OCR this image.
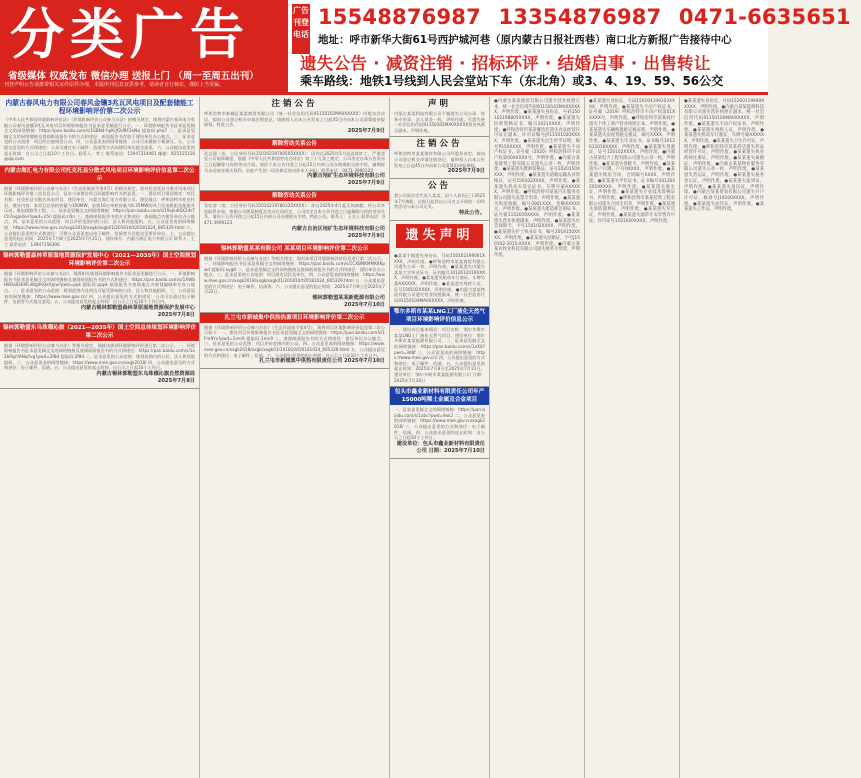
分类广告
省级媒体 权威发布 微信办理 送报上门 （周一至周五出刊）
刊登声明公告请携带相关证件原件办理，本版所刊信息仅供参考，请读者自行核实，谨防上当受骗。
广告刊登电话
15548876987 13354876987 0471-6635651
地址：呼市新华大街61号西护城河巷（原内蒙古日报社西巷）南口北方新报广告接待中心
遗失公告 · 减资注销 · 招标环评 · 结婚启事 · 出售转让
乘车路线：地铁1号线到人民会堂站下车（东北角）或3、4、19、59、56公交
内蒙古春风电力有限公司春风金镶3兆瓦风电项目及配套储能工程环境影响评价第二次公示
《中华人民共和国环境影响评价法》《环境影响评价公众参与办法》的相关规定，现将内蒙古春风电力有限公司春风金镶3兆瓦风电项目环境影响报告书征求意见稿进行公示。一、环境影响报告书征求意见稿全文的网络链接：https://pan.baidu.com/s/1SBN4-hpKrJf2d9F2xNsj 提取码:pha7 二、征求意见稿全文的网络链接及查阅纸质报告书的方式和途径：纸质报告书存放于建设单位办公地点。三、征求意见的公众范围：项目所在地周边公众。四、公众意见表的网络链接：公众可从链接下载填写。五、公众提交意见的方式和途径：公众可通过电子邮件、信函等方式向建设单位提交意见。六、公众提出意见的起止时间：自公示之日起10个工作日。联系人：李工 联系电话：15947314461 邮箱：825155156@qq.com
内蒙古海汇电力有限公司托克托县分散式风电项目环境影响评价信息第二次公示
根据《环境影响评价公众参与办法》（生态环境部令第4号）的相关规定，现对托克托县分散式风电项目环境影响评价第二次信息公示，征求与该建设项目环境影响有关的意见。一、建设项目情况简述：项目名称：托克托县分散式风电项目。建设单位：内蒙古海汇电力有限公司。建设地点：呼和浩特市托克托县。建设内容：本项目总装机容量为100MW，安装16台单机容量为6.25MW的风力发电机组及配套升压站、集电线路等工程。二、征求意见稿全文的网络链接：https://pan.baidu.com/s/19vjkdi6X24sTCh7eqJo4en?pwd=n5n 提取码:n5n 三、查阅纸质报告书的方式和途径：查阅地点为建设单位办公地点。四、征求意见的公众范围：项目评价范围内的公民、法人和其他组织。五、公众意见表的网络链接：https://www.mee.gov.cn/xxgk2018/xxgk/xxgk01/201810/t20181024_665329.html 六、公众提出意见的方式和途径：可将公众意见表以电子邮件、信函等方式提交至建设单位。七、公众提出意见的起止时间：2025年7月8日至2025年7月21日。建设单位：内蒙古海汇电力有限公司 联系人：王工 联系电话：13947156306
锡林郭勒盟森林草原湿地资源保护发展中心（2021—2035年）国土空间规划环境影响评价第二次公示
根据《环境影响评价公众参与办法》，现将相关规划环境影响报告书征求意见稿进行公示。一、环境影响报告书征求意见稿全文的网络链接及查阅纸质报告书的方式和途径：https://pan.baidu.com/s/1XWbH8Oa0kE9FuWg0hQkAJyw?pwd=ppk 提取码:pppk 纸质报告书查阅地点为规划编制单位办公地点。二、征求意见的公众范围：规划范围内及周边可能受影响的公民、法人和其他组织。三、公众意见表的网络链接：https://www.mee.gov.cn/ 四、公众提出意见的方式和途径：公众可以通过电子邮件、信函等方式提交意见。五、公众提出意见的起止时间：自公示之日起10个工作日内。
内蒙古锡林郭勒盟森林草原湿地资源保护发展中心
2025年7月8日
锡林郭勒盟东乌珠穆沁旗（2021—2035年）国土空间总体规划环境影响评价第二次公示
根据《环境影响评价公众参与办法》等相关规定，现就该规划环境影响评价进行第二次公示。一、环境影响报告书征求意见稿全文的网络链接及查阅纸质报告书的方式和途径：https://pan.baidu.com/s/1a2bPqzYANqYvg?pwd=2f8d 提取码:2f8d 二、征求意见的公众范围：规划范围内的公民、法人和其他组织。三、公众意见表的网络链接：https://www.mee.gov.cn/xxgk2018/ 四、公众提出意见的方式和途径：电子邮件、信函。五、公众提出意见的起止时间：自公示之日起10个工作日。
内蒙古锡林郭勒盟东乌珠穆沁旗自然资源局
2025年7月8日
注销公告
呼和浩特市新城区某某商贸有限公司（统一社会信用代码91150102MA0XXXXX）经股东会决议，拟向公司登记机关申请注销登记，请债权人自本公告发布之日起45日内向本公司清算组申报债权。特此公告。
2025年7月9日
解除劳动关系公告
武志强（男，公民身份号码15010219790505XXXX）：因你自2025年5月起连续旷工，严重违反公司规章制度，依据《中华人民共和国劳动合同法》第三十九条之规定，公司决定自本公告发布之日起解除与你的劳动合同。请你于本公告刊登之日起15日内到公司办理离职交接手续，逾期视为自动放弃相关权利，由此产生的一切法律后果由你本人承担。联系电话：0471-3990123
内蒙古地矿生态环境科技有限公司
2025年7月9日
解除劳动关系公告
张宏涛（男，公民身份号码15010219780325XXXX）：你自2025年4月起无故缺勤，经公司多次联系未果，依据公司规章制度及劳动合同约定，公司决定自本公告刊登之日起解除与你的劳动关系。请你于公告刊登之日起15日内到公司办理相关手续。特此公告。联系人：王女士 联系电话：0471-3990123
内蒙古自治区地矿生态环境科技有限公司
2025年7月9日
锡林郭勒盟某某有限公司 某某项目环境影响评价第二次公示
根据《环境影响评价公众参与办法》等相关规定，现对本项目环境影响评价信息进行第二次公示。一、环境影响报告书征求意见稿全文的网络链接：https://pan.baidu.com/s/1CXBNKMMKKKpwd 提取码:ayg8 二、征求意见稿全文的网络链接及查阅纸质报告书的方式和途径：建设单位办公地点。三、征求意见的公众范围：项目周边居民及单位。四、公众意见表的网络链接：https://www.mee.gov.cn/xxgk2018/xxgk/xxgk01/201810/t20181024_665329.html 五、公众提出意见的方式和途径：电子邮件、信函等。六、公众提出意见的起止时间：2025年7月9日至2025年7月22日。
锡林郭勒盟某某新能源有限公司
2025年7月10日
扎兰屯市新城集中供热热源项目环境影响评价第二次公示
根据《环境影响评价公众参与办法》（生态环境部令第4号），现将项目环境影响评价信息第二次公示如下：一、建设项目环境影响报告书征求意见稿全文的网络链接：https://pan.baidu.com/s/1Fm9Yx?pwd=1mn9 提取码:1mn9 二、查阅纸质报告书的方式和途径：建设单位办公地点。三、征求意见的公众范围：项目评价范围内的公众。四、公众意见表的网络链接：https://www.mee.gov.cn/xxgk2018/xxgk/xxgk01/201810/t20181024_665329.html 五、公众提出意见的方式和途径：电子邮件、信函。六、公众提出意见的起止时间：自公示之日起10个工作日内。
扎兰屯市新城集中供热有限责任公司 2025年7月10日
声明
内蒙古某某科技有限公司不慎遗失公司公章、财务专用章、法人章各一枚，声明作废。另遗失统一社会信用代码91150102MA0XXXXX营业执照正副本，声明作废。
注销公告
呼和浩特市某某建材有限公司经股东决定，拟向公司登记机关申请注销登记，请债权人自本公告发布之日起45日内向本公司清算组申报债权。
2025年7月9日
公告
我公司原法定代表人某某，因个人原因已于2025年7月离职，自即日起其以公司名义开展的一切经营活动与本公司无关。
特此公告。
遗失声明
●某某不慎遗失身份证，号码150102199001XXXX，声明作废。●呼和浩特市某某商贸有限公司遗失公章一枚，声明作废。●某某遗失内蒙古某某大学毕业证书，证书编号1012612019XXXX，声明作废。●某某遗失机动车行驶证，车牌号蒙AXXXXX，声明作废。●某某遗失残疾人证，证号150102XXXX，声明作废。●内蒙古某某物流有限公司遗失营业执照副本，统一社会信用代码91150100MA0XXXXX，声明作废。
鄂尔多斯市某某LNG工厂液化天然气项目环境影响评价信息公示
一、建设项目基本情况：项目名称：鄂尔多斯市某某LNG工厂液化天然气项目；建设单位：鄂尔多斯市某某能源有限公司。二、征求意见稿全文的网络链接：https://pan.baidu.com/s/1xXX?pwd=3d8f 三、公众意见表的网络链接：https://www.mee.gov.cn/ 四、公众提出意见的方式和途径：电子邮件、信函。五、公众提出意见的起止时间：2025年7月8日至2025年7月21日。建设单位：鄂尔多斯市某某能源有限公司 日期：2025年7月10日
包头市鑫业新材料有限责任公司年产15000吨稀土金属及合金项目
一、征求意见稿全文的网络链接：https://pan.baidu.com/s/1abc?pwd=9xk2 二、公众意见表的网络链接：https://www.mee.gov.cn/xxgk2018/ 三、公众提出意见的方式和途径：电子邮件、信函。四、公众提出意见的起止时间：自公示之日起10个工作日。
建设单位：包头市鑫业新材料有限责任公司 日期：2025年7月10日
●内蒙古某某商贸有限公司遗失营业执照正本，统一社会信用代码91150102MA0XXXXX，声明作废。●某某遗失身份证，号码150102198805XXXX，声明作废。●某某遗失医师资格证书，编号2021XXXX，声明作废。●呼和浩特市某某餐饮店遗失食品经营许可证正副本，许可证编号JY11501020XXXX，声明作废。●某某遗失出生医学证明，编号P150XXXX，声明作废。●某某遗失不动产权证书，证号蒙（2020）呼和浩特市不动产权第00XXXXX号，声明作废。●内蒙古某某建筑工程有限公司遗失公章一枚，声明作废。●某某遗失教师资格证，证号2020150XXXX，声明作废。●某某遗失道路运输从业资格证，证号150102XXXX，声明作废。●某某遗失机动车登记证书，车牌号蒙AXXXXX，声明作废。●呼和浩特市某某汽车服务有限公司遗失发票专用章，声明作废。●某某遗失购房收据，编号0001XXX，金额XXXXX元，声明作废。●某某遗失建造师注册证书，证号蒙1152019XXXX，声明作废。●某某遗失营业执照副本，声明作废。●某某遗失社会保障卡，卡号150102XXXX，声明作废。●某某遗失护士执业证书，编号2019150XXXX，声明作废。●某某遗失结婚证，字号J150102-2015-XXXX，声明作废。●内蒙古某某农牧业科技有限公司遗失财务专用章，声明作废。
●某某遗失身份证，号码150104199203XXXX，声明作废。●某某遗失不动产权证书，证号蒙（2019）呼和浩特市不动产权第01XXXXX号，声明作废。●呼和浩特市某某商行遗失个体工商户营业执照正本，声明作废。●某某遗失车辆购置税完税证明，声明作废。●某某遗失房屋契税完税证，编号XXXX，声明作废。●某某遗失毕业证书，证书编号1012612018XXXX，声明作废。●某某遗失驾驶证，证号150102XXXX，声明作废。●内蒙古某某电力工程有限公司遗失公章一枚，声明作废。●某某遗失供暖卡，声明作废。●某某遗失户口簿，户号0XXXX，声明作废。●某某遗失购房合同，合同编号XXXX，声明作废。●某某遗失学位证书，证书编号1012642019XXXX，声明作废。●某某遗失准生证，声明作废。●某某遗失专业技术资格证书，声明作废。●呼和浩特市某某装饰工程有限公司遗失合同专用章，声明作废。●某某遗失预防接种证，声明作废。●某某遗失军官证，声明作废。●某某遗失烟草专卖零售许可证，许可证号1501020XXXX，声明作废。
●某某遗失身份证，号码152601199409XXXX，声明作废。●内蒙古某某能源科技有限公司遗失营业执照正副本，统一社会信用代码91150100MA0XXXXX，声明作废。●某某遗失不动产权证书，声明作废。●某某遗失残疾人证，声明作废。●某某遗失机动车行驶证，车牌号蒙AXXXXX，声明作废。●某某遗失卫生许可证，声明作废。●呼和浩特市某某药店遗失药品经营许可证，声明作废。●某某遗失执业药师注册证，声明作废。●某某遗失离婚证，声明作废。●内蒙古某某物业服务有限公司遗失公章一枚，声明作废。●某某遗失营运证，声明作废。●某某遗失税务登记证，声明作废。●某某遗失报到证，声明作废。●某某遗失退伍证，声明作废。●内蒙古某某贸易有限公司遗失开户许可证，核准号J19100XXXX，声明作废。●某某遗失居住证，声明作废。●某某遗失工作证，声明作废。
